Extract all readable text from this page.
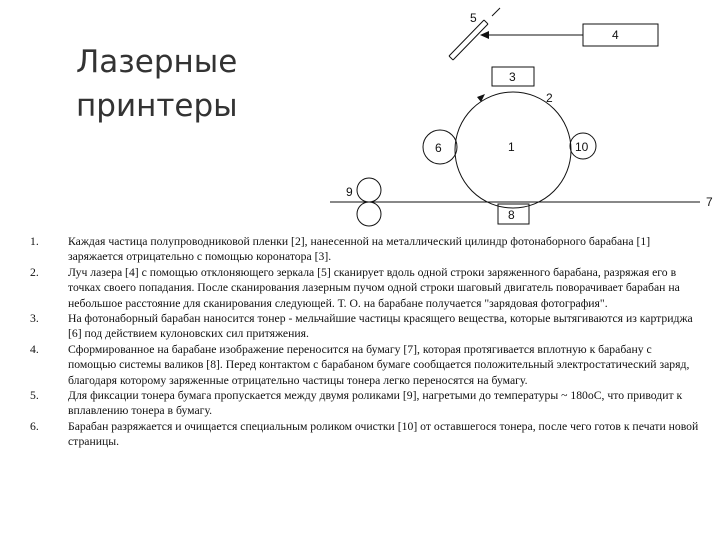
Лазерные
принтеры
5
4
3
1
2
6	10
9
7
8
1. Каждая частица полупроводниковой пленки [2], нанесенной на металлический цилиндр фотонаборного барабана [1] заряжается отрицательно с помощью коронатора [3].
2. Луч лазера [4] с помощью отклоняющего зеркала [5] сканирует вдоль одной строки заряженного барабана, разряжая его в точках своего попадания. После сканирования лазерным пучом одной строки шаговый двигатель поворачивает барабан на небольшое расстояние для сканирования следующей. Т. О. на барабане получается "зарядовая фотография".
3. На фотонаборный барабан наносится тонер - мельчайшие частицы красящего вещества, которые вытягиваются из картриджа [6] под действием кулоновских сил притяжения.
4. Сформированное на барабане изображение переносится на бумагу [7], которая протягивается вплотную к барабану с помощью системы валиков [8]. Перед контактом с барабаном бумаге сообщается положительный электростатический заряд, благодаря которому заряженные отрицательно частицы тонера легко переносятся на бумагу.
5. Для фиксации тонера бумага пропускается между двумя роликами [9], нагретыми до температуры ~ 180оС, что приводит к вплавлению тонера в бумагу.
6. Барабан разряжается и очищается специальным роликом очистки [10] от оставшегося тонера, после чего готов к печати новой страницы.
